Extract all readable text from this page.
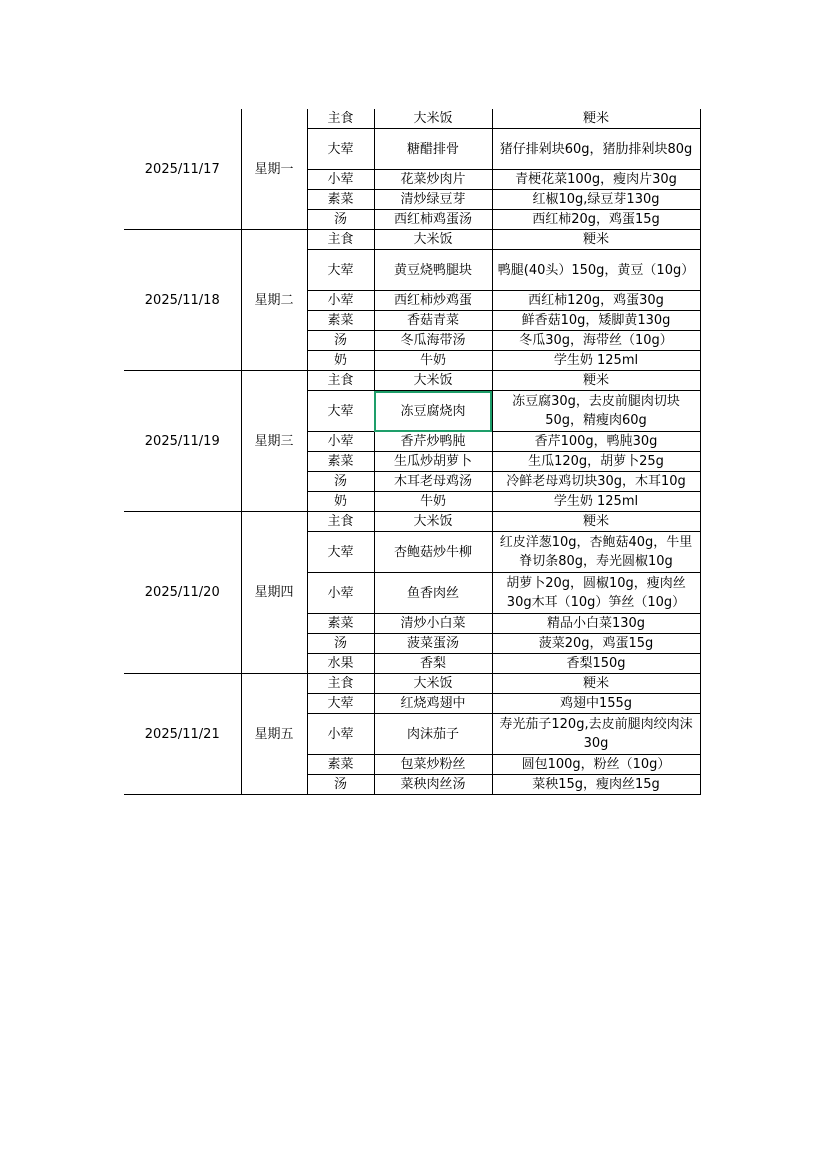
2025/11/17	星期一	主食	大米饭	粳米
		大荤	糖醋排骨	猪仔排剁块60g，猪肋排剁块80g
		小荤	花菜炒肉片	青梗花菜100g，瘦肉片30g
		素菜	清炒绿豆芽	红椒10g,绿豆芽130g
		汤	西红柿鸡蛋汤	西红柿20g，鸡蛋15g
2025/11/18	星期二	主食	大米饭	粳米
		大荤	黄豆烧鸭腿块	鸭腿(40头）150g，黄豆（10g）
		小荤	西红柿炒鸡蛋	西红柿120g，鸡蛋30g
		素菜	香菇青菜	鲜香菇10g，矮脚黄130g
		汤	冬瓜海带汤	冬瓜30g，海带丝（10g）
		奶	牛奶	学生奶 125ml
2025/11/19	星期三	主食	大米饭	粳米
		大荤	冻豆腐烧肉	冻豆腐30g，去皮前腿肉切块50g，精瘦肉60g
		小荤	香芹炒鸭肫	香芹100g，鸭肫30g
		素菜	生瓜炒胡萝卜	生瓜120g，胡萝卜25g
		汤	木耳老母鸡汤	冷鲜老母鸡切块30g，木耳10g
		奶	牛奶	学生奶 125ml
2025/11/20	星期四	主食	大米饭	粳米
		大荤	杏鲍菇炒牛柳	红皮洋葱10g，杏鲍菇40g，牛里脊切条80g，寿光圆椒10g
		小荤	鱼香肉丝	胡萝卜20g，圆椒10g，瘦肉丝30g木耳（10g）笋丝（10g）
		素菜	清炒小白菜	精品小白菜130g
		汤	菠菜蛋汤	菠菜20g，鸡蛋15g
		水果	香梨	香梨150g
2025/11/21	星期五	主食	大米饭	粳米
		大荤	红烧鸡翅中	鸡翅中155g
		小荤	肉沫茄子	寿光茄子120g,去皮前腿肉绞肉沫30g
		素菜	包菜炒粉丝	圆包100g，粉丝（10g）
		汤	菜秧肉丝汤	菜秧15g，瘦肉丝15g
